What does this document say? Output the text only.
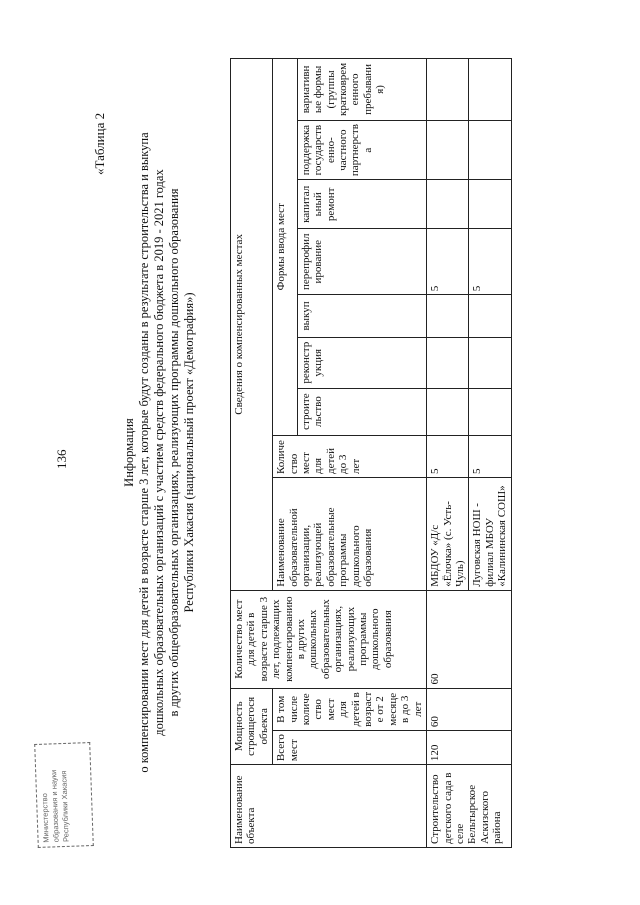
Министерство образования и науки Республики Хакасия
136
«Таблица 2
Информация о компенсировании мест для детей в возрасте старше 3 лет, которые будут созданы в результате строительства и выкупа дошкольных образовательных организаций с участием средств федерального бюджета в 2019 - 2021 годах в других общеобразовательных организациях, реализующих программы дошкольного образования Республики Хакасия (национальный проект «Демография»)
Наименование объекта	Мощность строящегося объекта		Количество мест для детей в возрасте старше 3 лет, подлежащих компенсированию в других дошкольных образовательных организациях, реализующих программы дошкольного образования	Сведения о компенсированных местах								
	Всего мест	В том числе количество мест для детей в возрасте от 2 месяцев до 3 лет		Наименование образовательной организации, реализующей образовательные программы дошкольного образования	Количество мест для детей до 3 лет	Формы ввода мест						
						строительство	реконструкция	выкуп	перепрофилирование	капитальный ремонт	поддержка государственно-частного партнерства	вариативные формы (группы кратковременного пребывания)
Строительство детского сада в селе Бельтырское Аскизского района	120	60	60	МБДОУ «Д/с «Ёлочка» (с. Усть-Чуль)	5				5			
				Луговская НОШ - филиал МБОУ «Калининская СОШ»	5				5			
